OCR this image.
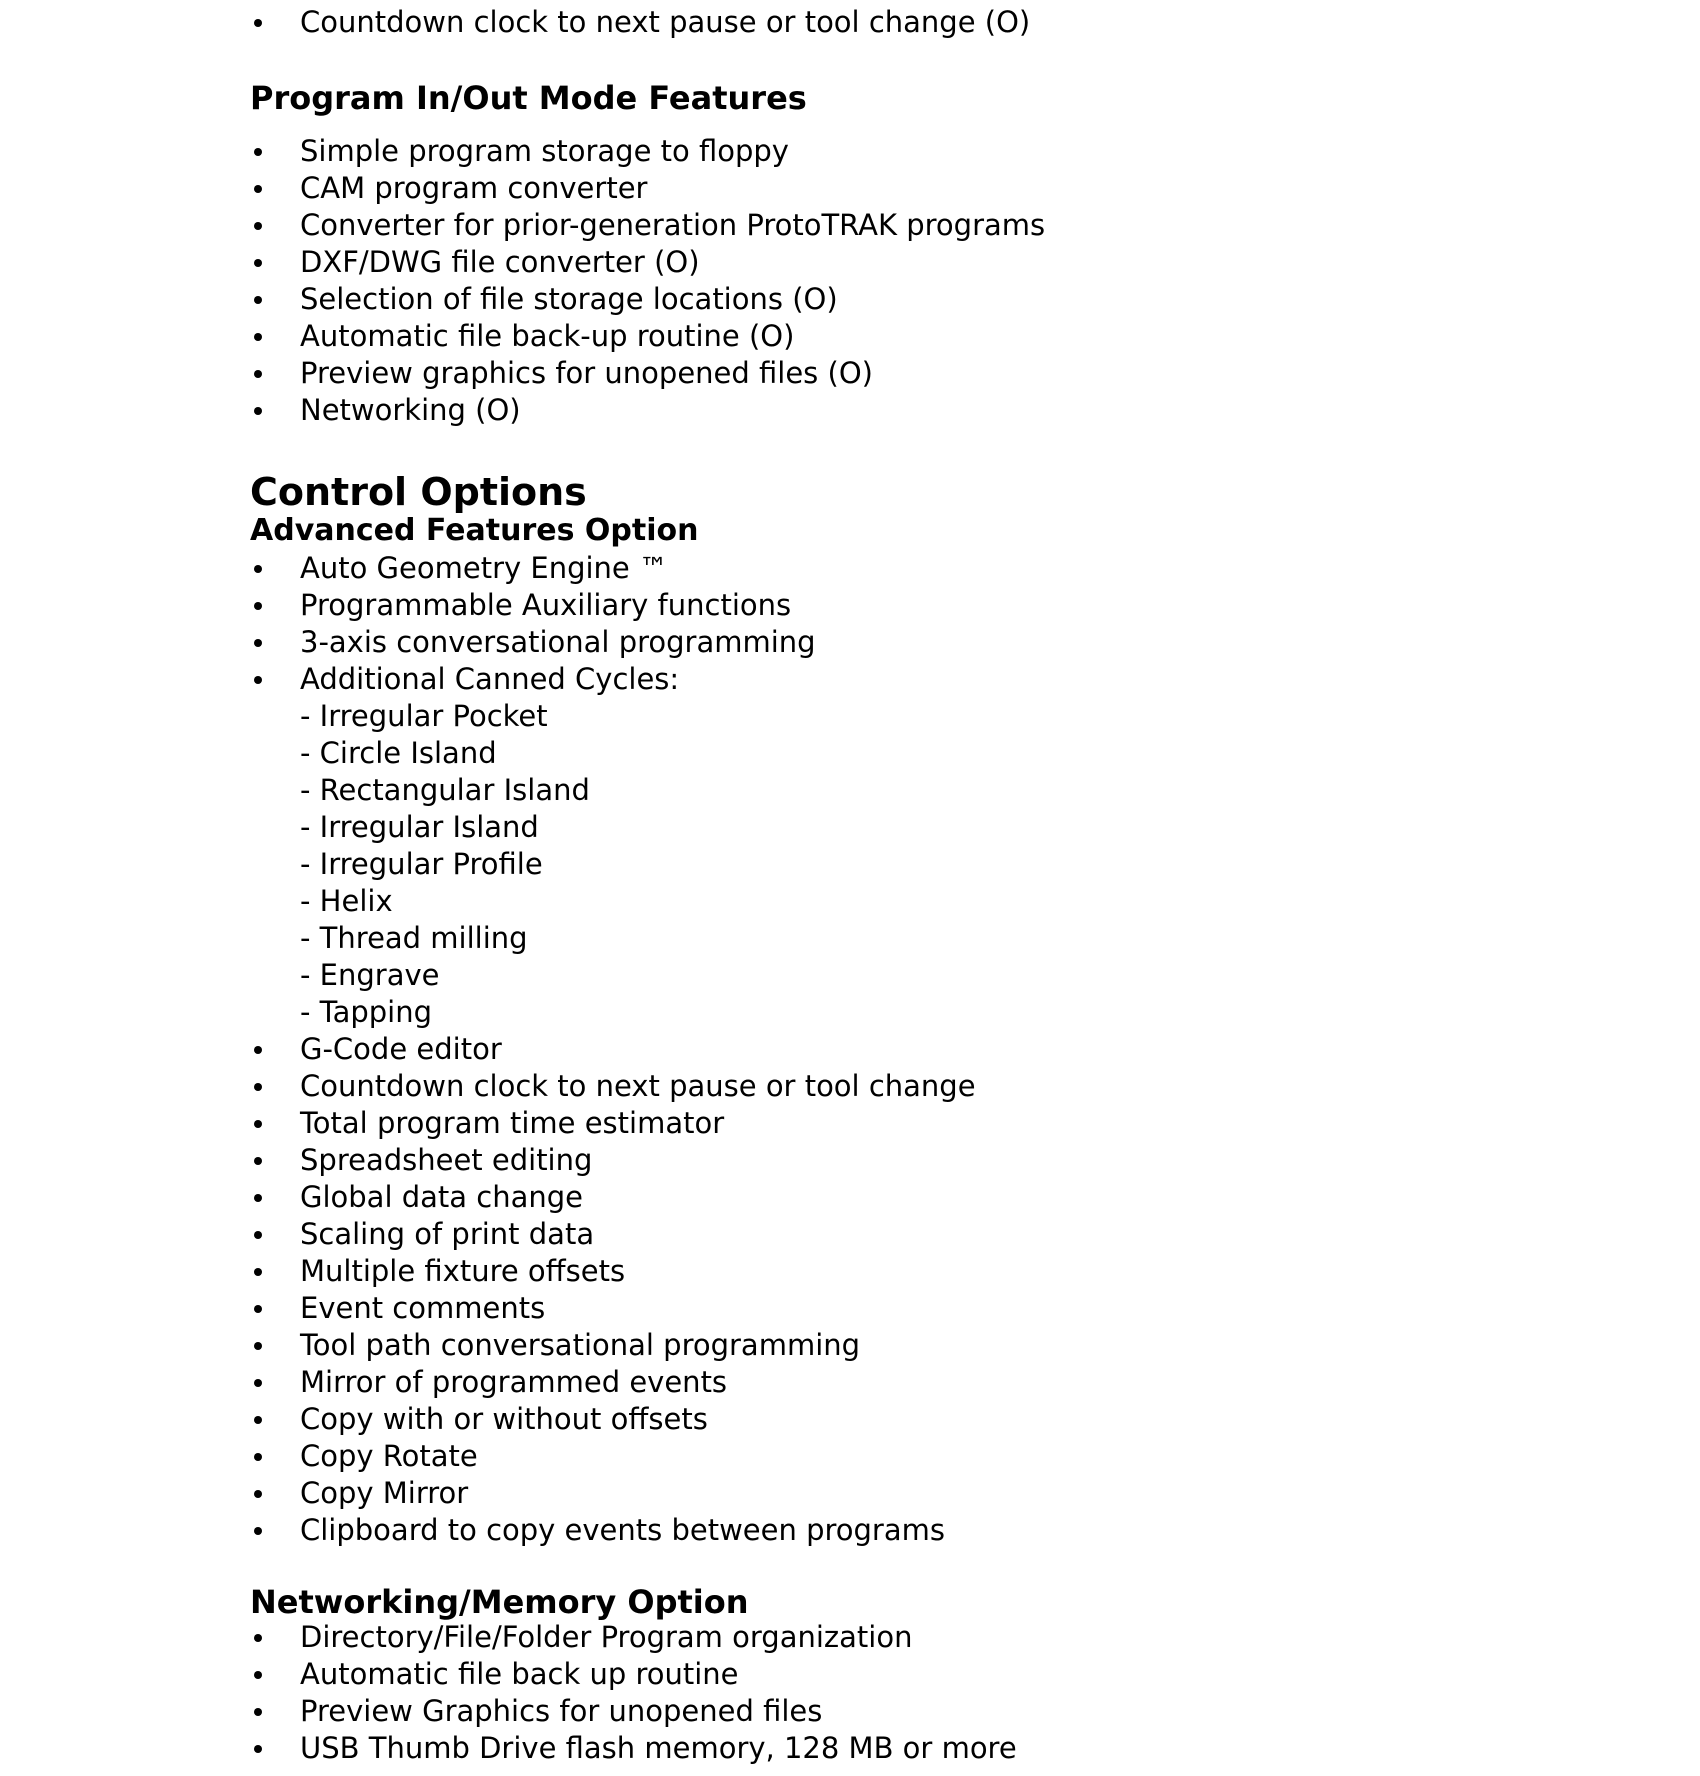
Countdown clock to next pause or tool change (O)
Program In/Out Mode Features
Simple program storage to floppy
CAM program converter
Converter for prior-generation ProtoTRAK programs
DXF/DWG file converter (O)
Selection of file storage locations (O)
Automatic file back-up routine (O)
Preview graphics for unopened files (O)
Networking (O)
Control Options
Advanced Features Option
Auto Geometry Engine ™
Programmable Auxiliary functions
3-axis conversational programming
Additional Canned Cycles:
- Irregular Pocket
- Circle Island
- Rectangular Island
- Irregular Island
- Irregular Profile
- Helix
- Thread milling
- Engrave
- Tapping
G-Code editor
Countdown clock to next pause or tool change
Total program time estimator
Spreadsheet editing
Global data change
Scaling of print data
Multiple fixture offsets
Event comments
Tool path conversational programming
Mirror of programmed events
Copy with or without offsets
Copy Rotate
Copy Mirror
Clipboard to copy events between programs
Networking/Memory Option
Directory/File/Folder Program organization
Automatic file back up routine
Preview Graphics for unopened files
USB Thumb Drive flash memory, 128 MB or more
